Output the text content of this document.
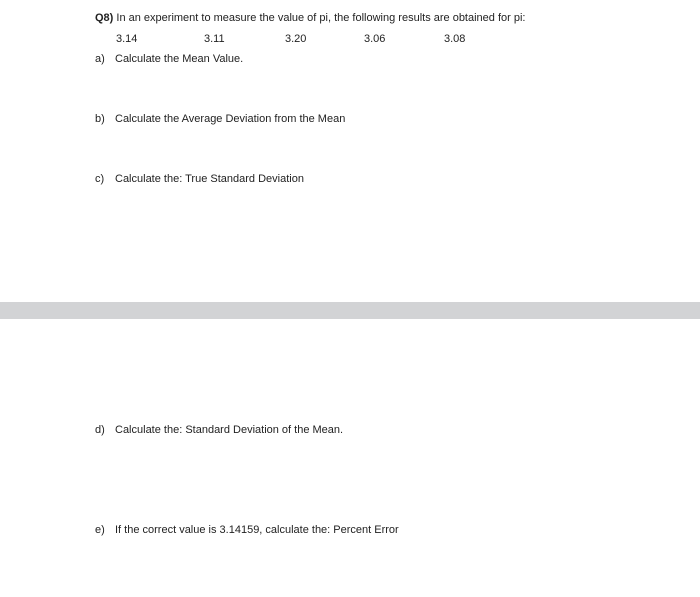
Q8) In an experiment to measure the value of pi, the following results are obtained for pi:
3.14	3.11	3.20	3.06	3.08
a) Calculate the Mean Value.
b) Calculate the Average Deviation from the Mean
c) Calculate the: True Standard Deviation
d) Calculate the: Standard Deviation of the Mean.
e) If the correct value is 3.14159, calculate the: Percent Error
